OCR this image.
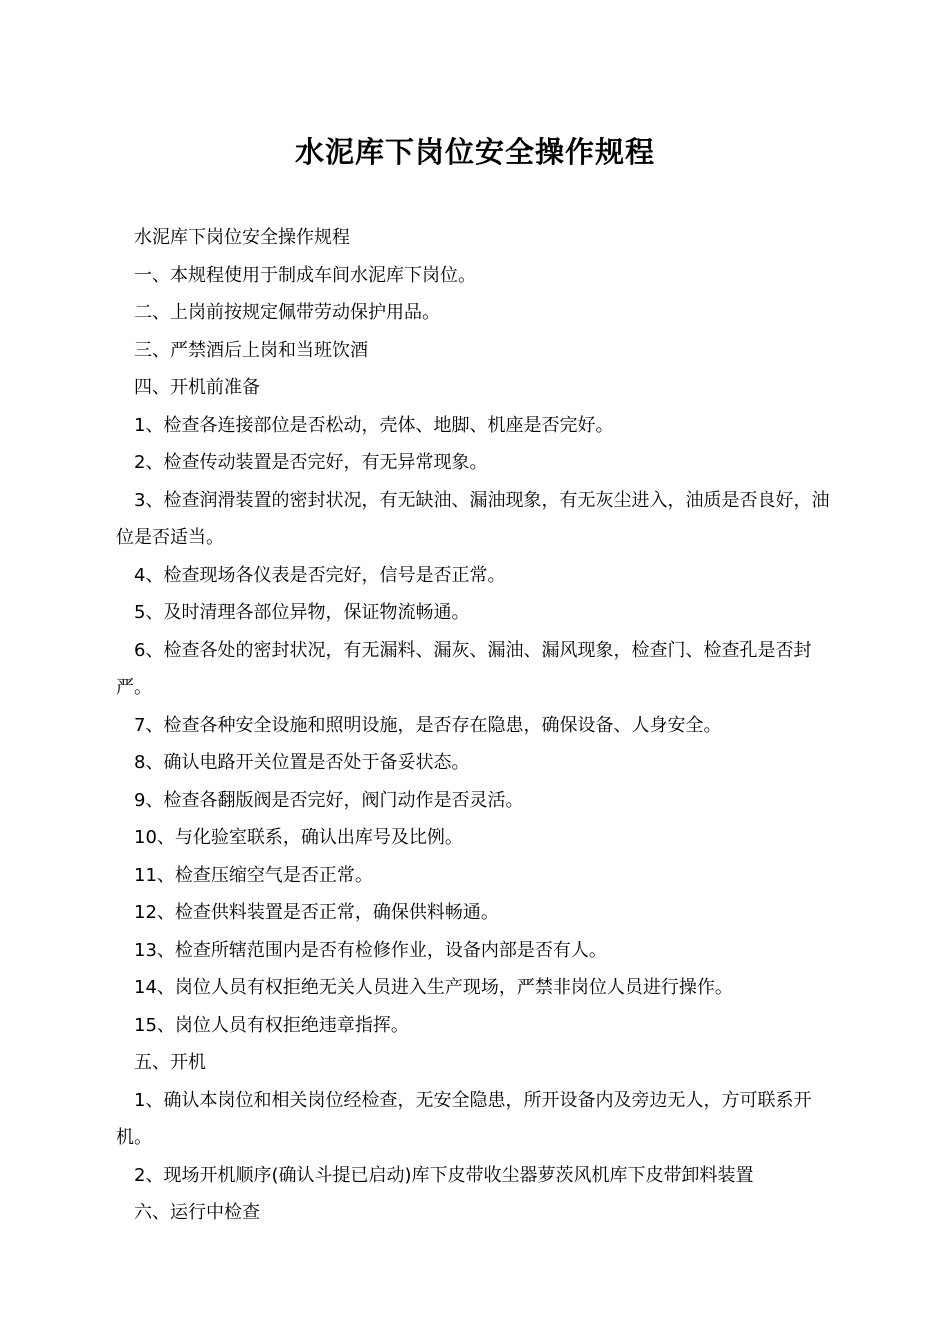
水泥库下岗位安全操作规程

水泥库下岗位安全操作规程

一、本规程使用于制成车间水泥库下岗位。

二、上岗前按规定佩带劳动保护用品。

三、严禁酒后上岗和当班饮酒

四、开机前准备

1、检查各连接部位是否松动，壳体、地脚、机座是否完好。

2、检查传动装置是否完好，有无异常现象。

3、检查润滑装置的密封状况，有无缺油、漏油现象，有无灰尘进入，油质是否良好，油位是否适当。

4、检查现场各仪表是否完好，信号是否正常。

5、及时清理各部位异物，保证物流畅通。

6、检查各处的密封状况，有无漏料、漏灰、漏油、漏风现象，检查门、检查孔是否封严。

7、检查各种安全设施和照明设施，是否存在隐患，确保设备、人身安全。

8、确认电路开关位置是否处于备妥状态。

9、检查各翻版阀是否完好，阀门动作是否灵活。

10、与化验室联系，确认出库号及比例。

11、检查压缩空气是否正常。

12、检查供料装置是否正常，确保供料畅通。

13、检查所辖范围内是否有检修作业，设备内部是否有人。

14、岗位人员有权拒绝无关人员进入生产现场，严禁非岗位人员进行操作。

15、岗位人员有权拒绝违章指挥。

五、开机

1、确认本岗位和相关岗位经检查，无安全隐患，所开设备内及旁边无人，方可联系开机。

2、现场开机顺序(确认斗提已启动)库下皮带收尘器萝茨风机库下皮带卸料装置

六、运行中检查
